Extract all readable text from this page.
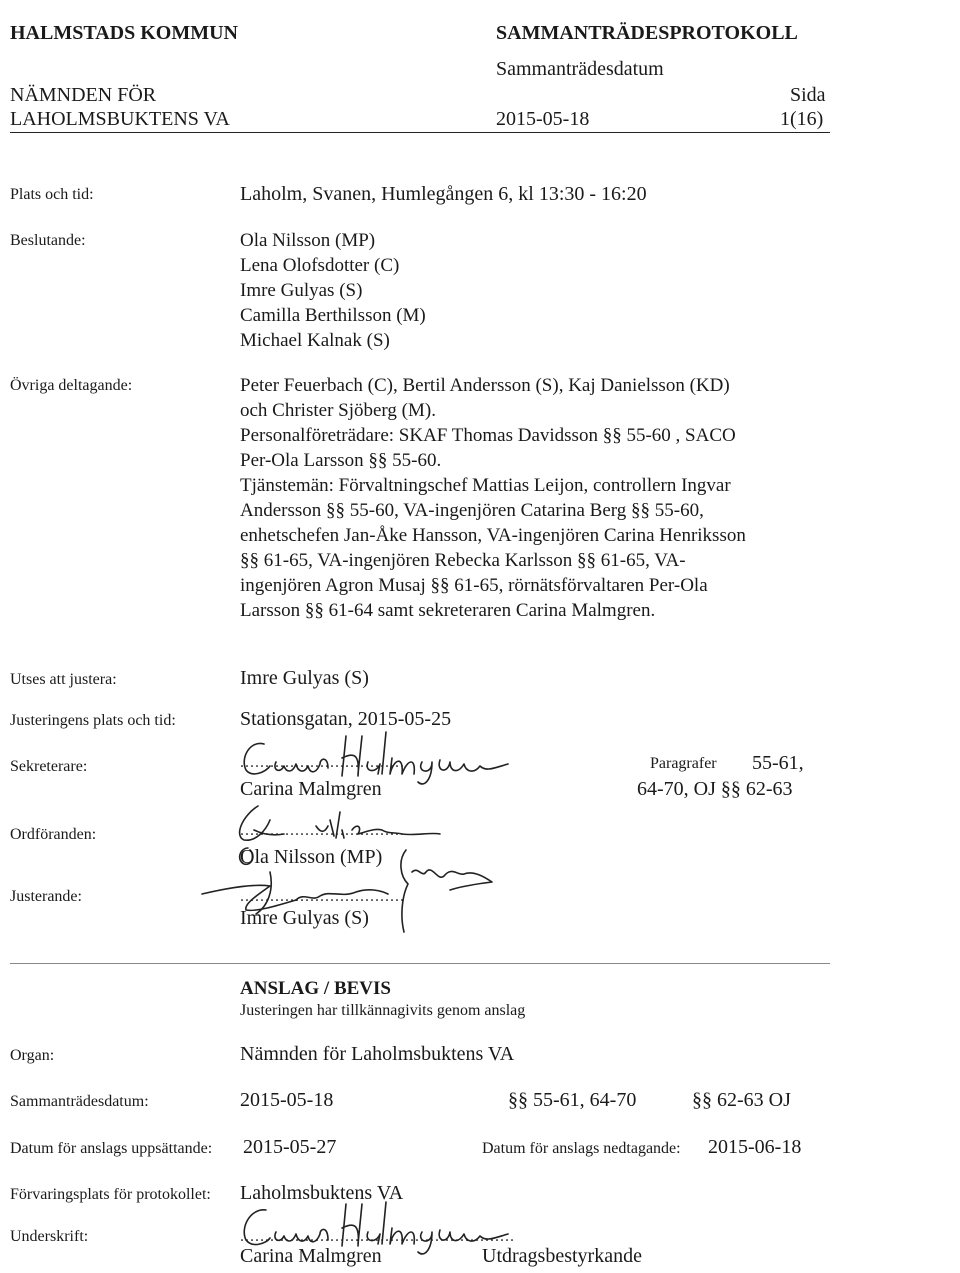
HALMSTADS KOMMUN	SAMMANTRÄDESPROTOKOLL
Sammanträdesdatum
NÄMNDEN FÖR	Sida
LAHOLMSBUKTENS VA	2015-05-18	1(16)
Plats och tid:	Laholm, Svanen, Humlegången 6, kl 13:30 - 16:20
Beslutande:	Ola Nilsson (MP)
Lena Olofsdotter (C)
Imre Gulyas (S)
Camilla Berthilsson (M)
Michael Kalnak (S)
Övriga deltagande:	Peter Feuerbach (C), Bertil Andersson (S), Kaj Danielsson (KD)
och Christer Sjöberg (M).
Personalföreträdare: SKAF Thomas Davidsson §§ 55-60 , SACO
Per-Ola Larsson §§ 55-60.
Tjänstemän: Förvaltningschef Mattias Leijon, controllern Ingvar
Andersson §§ 55-60, VA-ingenjören Catarina Berg §§ 55-60,
enhetschefen Jan-Åke Hansson, VA-ingenjören Carina Henriksson
§§ 61-65, VA-ingenjören Rebecka Karlsson §§ 61-65, VA-
ingenjören Agron Musaj §§ 61-65, rörnätsförvaltaren Per-Ola
Larsson §§ 61-64 samt sekreteraren Carina Malmgren.
Utses att justera:	Imre Gulyas (S)
Justeringens plats och tid:	Stationsgatan, 2015-05-25
Sekreterare:	.................................
Carina Malmgren
Paragrafer 55-61,
64-70, OJ §§ 62-63
Ordföranden:	.................................
Ola Nilsson (MP)
Justerande:	.................................
Imre Gulyas (S)
ANSLAG / BEVIS
Justeringen har tillkännagivits genom anslag
Organ:	Nämnden för Laholmsbuktens VA
Sammanträdesdatum:	2015-05-18	§§ 55-61, 64-70	§§ 62-63 OJ
Datum för anslags uppsättande: 2015-05-27	Datum för anslags nedtagande: 2015-06-18
Förvaringsplats för protokollet: Laholmsbuktens VA
Underskrift:	.......................................................
Carina Malmgren	Utdragsbestyrkande
